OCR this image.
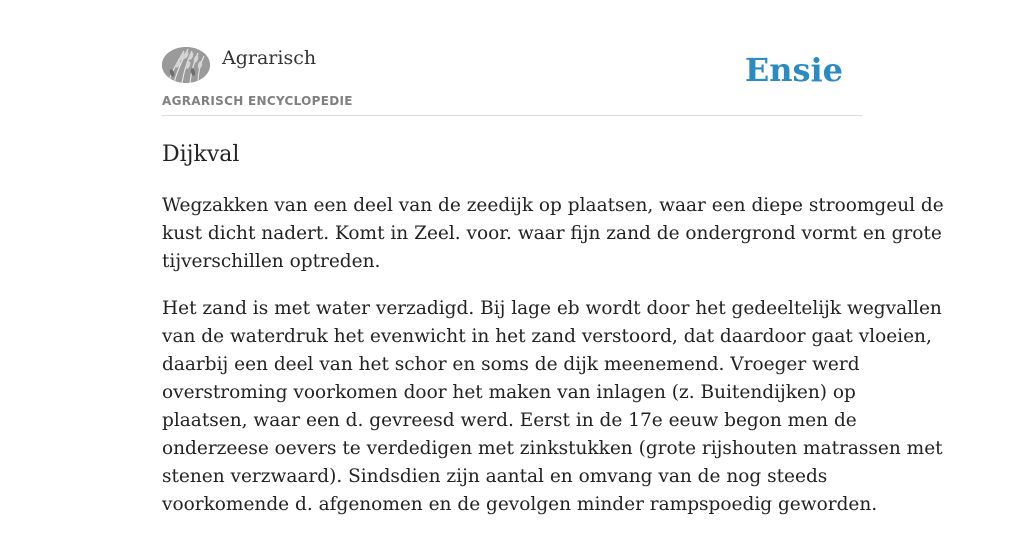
Agrarisch
AGRARISCH ENCYCLOPEDIE
Ensie
Dijkval

Wegzakken van een deel van de zeedijk op plaatsen, waar een diepe stroomgeul de
kust dicht nadert. Komt in Zeel. voor. waar fijn zand de ondergrond vormt en grote
tijverschillen optreden.

Het zand is met water verzadigd. Bij lage eb wordt door het gedeeltelijk wegvallen
van de waterdruk het evenwicht in het zand verstoord, dat daardoor gaat vloeien,
daarbij een deel van het schor en soms de dijk meenemend. Vroeger werd
overstroming voorkomen door het maken van inlagen (z. Buitendijken) op
plaatsen, waar een d. gevreesd werd. Eerst in de 17e eeuw begon men de
onderzeese oevers te verdedigen met zinkstukken (grote rijshouten matrassen met
stenen verzwaard). Sindsdien zijn aantal en omvang van de nog steeds
voorkomende d. afgenomen en de gevolgen minder rampspoedig geworden.
